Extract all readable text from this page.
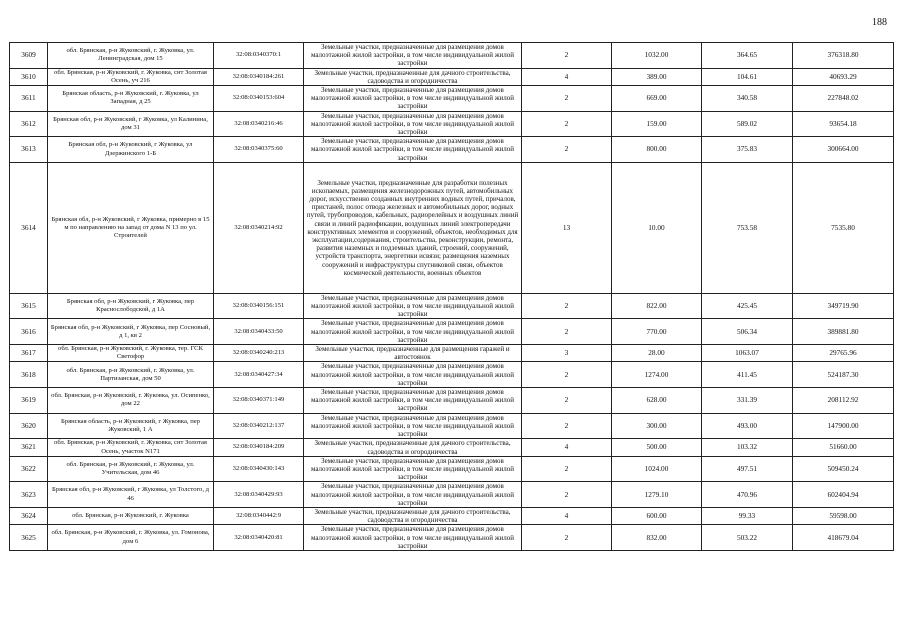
188
3609	обл. Брянская, р-н Жуковский, г. Жуковка, ул. Ленинградская, дом 15	32:08:0340370:1	Земельные участки, предназначенные для размещения домов малоэтажной жилой застройки, в том числе индивидуальной жилой застройки	2	1032.00	364.65	376318.80
3610	обл. Брянская, р-н Жуковский, г. Жуковка, снт Золотая Осень, уч 216	32:08:0340184:261	Земельные участки, предназначенные для дачного строительства, садоводства и огородничества	4	389.00	104.61	40693.29
3611	Брянская область, р-н Жуковский, г. Жуковка, ул Западная, д 25	32:08:0340153:604	Земельные участки, предназначенные для размещения домов малоэтажной жилой застройки, в том числе индивидуальной жилой застройки	2	669.00	340.58	227848.02
3612	Брянская обл, р-н Жуковский, г Жуковка, ул Калинина, дом 31	32:08:0340216:46	Земельные участки, предназначенные для размещения домов малоэтажной жилой застройки, в том числе индивидуальной жилой застройки	2	159.00	589.02	93654.18
3613	Брянская обл, р-н Жуковский, г Жуковка, ул Дзержинского 1-Б	32:08:0340375:60	Земельные участки, предназначенные для размещения домов малоэтажной жилой застройки, в том числе индивидуальной жилой застройки	2	800.00	375.83	300664.00
3614	Брянская обл, р-н Жуковский, г Жуковка, примерно в 15 м по направлению на запад от дома N 13 по ул. Строителей	32:08:0340214:92	Земельные участки, предназначенные для разработки полезных ископаемых, размещения железнодорожных путей, автомобильных дорог, искусственно созданных внутренних водных путей, причалов, пристаней, полос отвода железных и автомобильных дорог, водных путей, трубопроводов, кабельных, радиорелейных и воздушных линий связи и линий радиофикации, воздушных линий электропередачи конструктивных элементов и сооружений, объектов, необходимых для эксплуатации,содержания, строительства, реконструкции, ремонта, развития наземных и подземных зданий, строений, сооружений, устройств транспорта, энергетики исвязи; размещения наземных сооружений и инфраструктуры спутниковой связи, объектов космической деятельности, военных объектов	13	10.00	753.58	7535.80
3615	Брянская обл, р-н Жуковский, г Жуковка, пер Краснослободской, д 1А	32:08:0340156:151	Земельные участки, предназначенные для размещения домов малоэтажной жилой застройки, в том числе индивидуальной жилой застройки	2	822.00	425.45	349719.90
3616	Брянская обл, р-н Жуковский, г Жуковка, пер Сосновый, д 1, кв 2	32:08:0340433:50	Земельные участки, предназначенные для размещения домов малоэтажной жилой застройки, в том числе индивидуальной жилой застройки	2	770.00	506.34	389881.80
3617	обл. Брянская, р-н Жуковский, г. Жуковка, тер. ГСК Светофор	32:08:0340240:213	Земельные участки, предназначенные для размещения гаражей и автостоянок	3	28.00	1063.07	29765.96
3618	обл. Брянская, р-н Жуковский, г. Жуковка, ул. Партизанская, дом 50	32:08:0340427:34	Земельные участки, предназначенные для размещения домов малоэтажной жилой застройки, в том числе индивидуальной жилой застройки	2	1274.00	411.45	524187.30
3619	обл. Брянская, р-н Жуковский, г. Жуковка, ул. Осипенко, дом 22	32:08:0340371:149	Земельные участки, предназначенные для размещения домов малоэтажной жилой застройки, в том числе индивидуальной жилой застройки	2	628.00	331.39	208112.92
3620	Брянская область, р-н Жуковский, г Жуковка, пер Жуковский, 1 А	32:08:0340212:137	Земельные участки, предназначенные для размещения домов малоэтажной жилой застройки, в том числе индивидуальной жилой застройки	2	300.00	493.00	147900.00
3621	обл. Брянская, р-н Жуковский, г. Жуковка, снт Золотая Осень, участок N171	32:08:0340184:209	Земельные участки, предназначенные для дачного строительства, садоводства и огородничества	4	500.00	103.32	51660.00
3622	обл. Брянская, р-н Жуковский, г. Жуковка, ул. Учительская, дом 46	32:08:0340430:143	Земельные участки, предназначенные для размещения домов малоэтажной жилой застройки, в том числе индивидуальной жилой застройки	2	1024.00	497.51	509450.24
3623	Брянская обл, р-н Жуковский, г Жуковка, ул Толстого, д 46	32:08:0340429:93	Земельные участки, предназначенные для размещения домов малоэтажной жилой застройки, в том числе индивидуальной жилой застройки	2	1279.10	470.96	602404.94
3624	обл. Брянская, р-н Жуковский, г. Жуковка	32:08:0340442:9	Земельные участки, предназначенные для дачного строительства, садоводства и огородничества	4	600.00	99.33	59598.00
3625	обл. Брянская, р-н Жуковский, г. Жуковка, ул. Гомонова, дом 6	32:08:0340420:81	Земельные участки, предназначенные для размещения домов малоэтажной жилой застройки, в том числе индивидуальной жилой застройки	2	832.00	503.22	418679.04
